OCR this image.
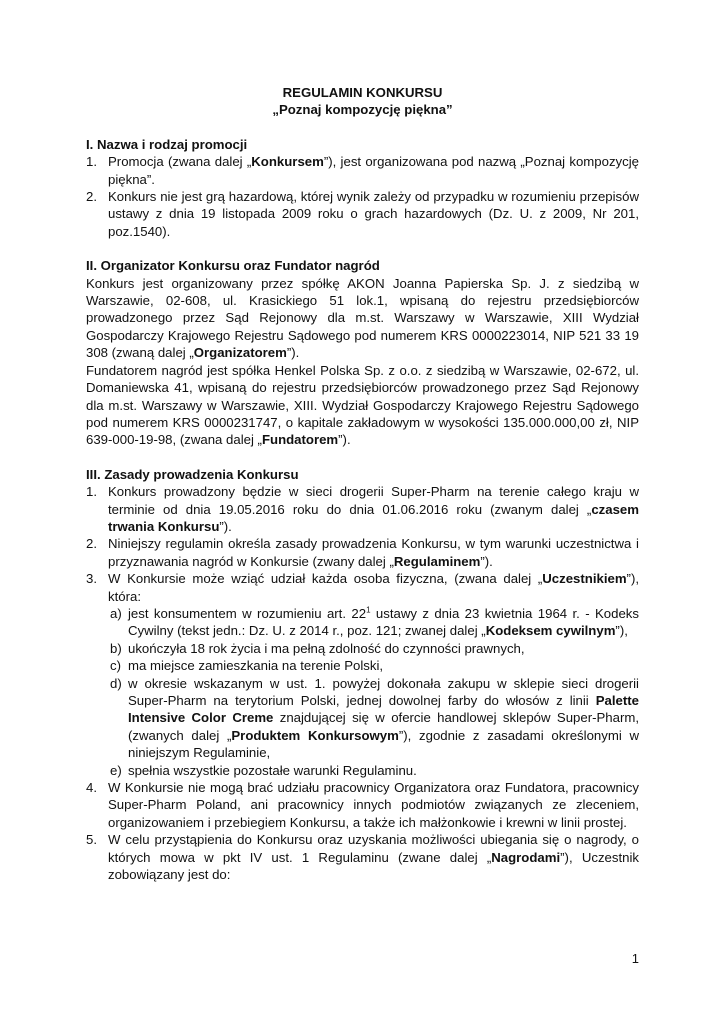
REGULAMIN KONKURSU
„Poznaj kompozycję piękna”
I. Nazwa i rodzaj promocji
1. Promocja (zwana dalej „Konkursem”), jest organizowana pod nazwą „Poznaj kompozycję piękna”.
2. Konkurs nie jest grą hazardową, której wynik zależy od przypadku w rozumieniu przepisów ustawy z dnia 19 listopada 2009 roku o grach hazardowych (Dz. U. z 2009, Nr 201, poz.1540).
II. Organizator Konkursu oraz Fundator nagród
Konkurs jest organizowany przez spółkę AKON Joanna Papierska Sp. J. z siedzibą w Warszawie, 02-608, ul. Krasickiego 51 lok.1, wpisaną do rejestru przedsiębiorców prowadzonego przez Sąd Rejonowy dla m.st. Warszawy w Warszawie, XIII Wydział Gospodarczy Krajowego Rejestru Sądowego pod numerem KRS 0000223014, NIP 521 33 19 308 (zwaną dalej „Organizatorem”).
Fundatorem nagród jest spółka Henkel Polska Sp. z o.o. z siedzibą w Warszawie, 02-672, ul. Domaniewska 41, wpisaną do rejestru przedsiębiorców prowadzonego przez Sąd Rejonowy dla m.st. Warszawy w Warszawie, XIII. Wydział Gospodarczy Krajowego Rejestru Sądowego pod numerem KRS 0000231747, o kapitale zakładowym w wysokości 135.000.000,00 zł, NIP 639-000-19-98, (zwana dalej „Fundatorem”).
III. Zasady prowadzenia Konkursu
1. Konkurs prowadzony będzie w sieci drogerii Super-Pharm na terenie całego kraju w terminie od dnia 19.05.2016 roku do dnia 01.06.2016 roku (zwanym dalej „czasem trwania Konkursu”).
2. Niniejszy regulamin określa zasady prowadzenia Konkursu, w tym warunki uczestnictwa i przyznawania nagród w Konkursie (zwany dalej „Regulaminem”).
3. W Konkursie może wziąć udział każda osoba fizyczna, (zwana dalej „Uczestnikiem”), która:
a) jest konsumentem w rozumieniu art. $22^1$ ustawy z dnia 23 kwietnia 1964 r. - Kodeks Cywilny (tekst jedn.: Dz. U. z 2014 r., poz. 121; zwanej dalej „Kodeksem cywilnym”),
b) ukończyła 18 rok życia i ma pełną zdolność do czynności prawnych,
c) ma miejsce zamieszkania na terenie Polski,
d) w okresie wskazanym w ust. 1. powyżej dokonała zakupu w sklepie sieci drogerii Super-Pharm na terytorium Polski, jednej dowolnej farby do włosów z linii Palette Intensive Color Creme znajdującej się w ofercie handlowej sklepów Super-Pharm, (zwanych dalej „Produktem Konkursowym”), zgodnie z zasadami określonymi w niniejszym Regulaminie,
e) spełnia wszystkie pozostałe warunki Regulaminu.
4. W Konkursie nie mogą brać udziału pracownicy Organizatora oraz Fundatora, pracownicy Super-Pharm Poland, ani pracownicy innych podmiotów związanych ze zleceniem, organizowaniem i przebiegiem Konkursu, a także ich małżonkowie i krewni w linii prostej.
5. W celu przystąpienia do Konkursu oraz uzyskania możliwości ubiegania się o nagrody, o których mowa w pkt IV ust. 1 Regulaminu (zwane dalej „Nagrodami”), Uczestnik zobowiązany jest do:
1
